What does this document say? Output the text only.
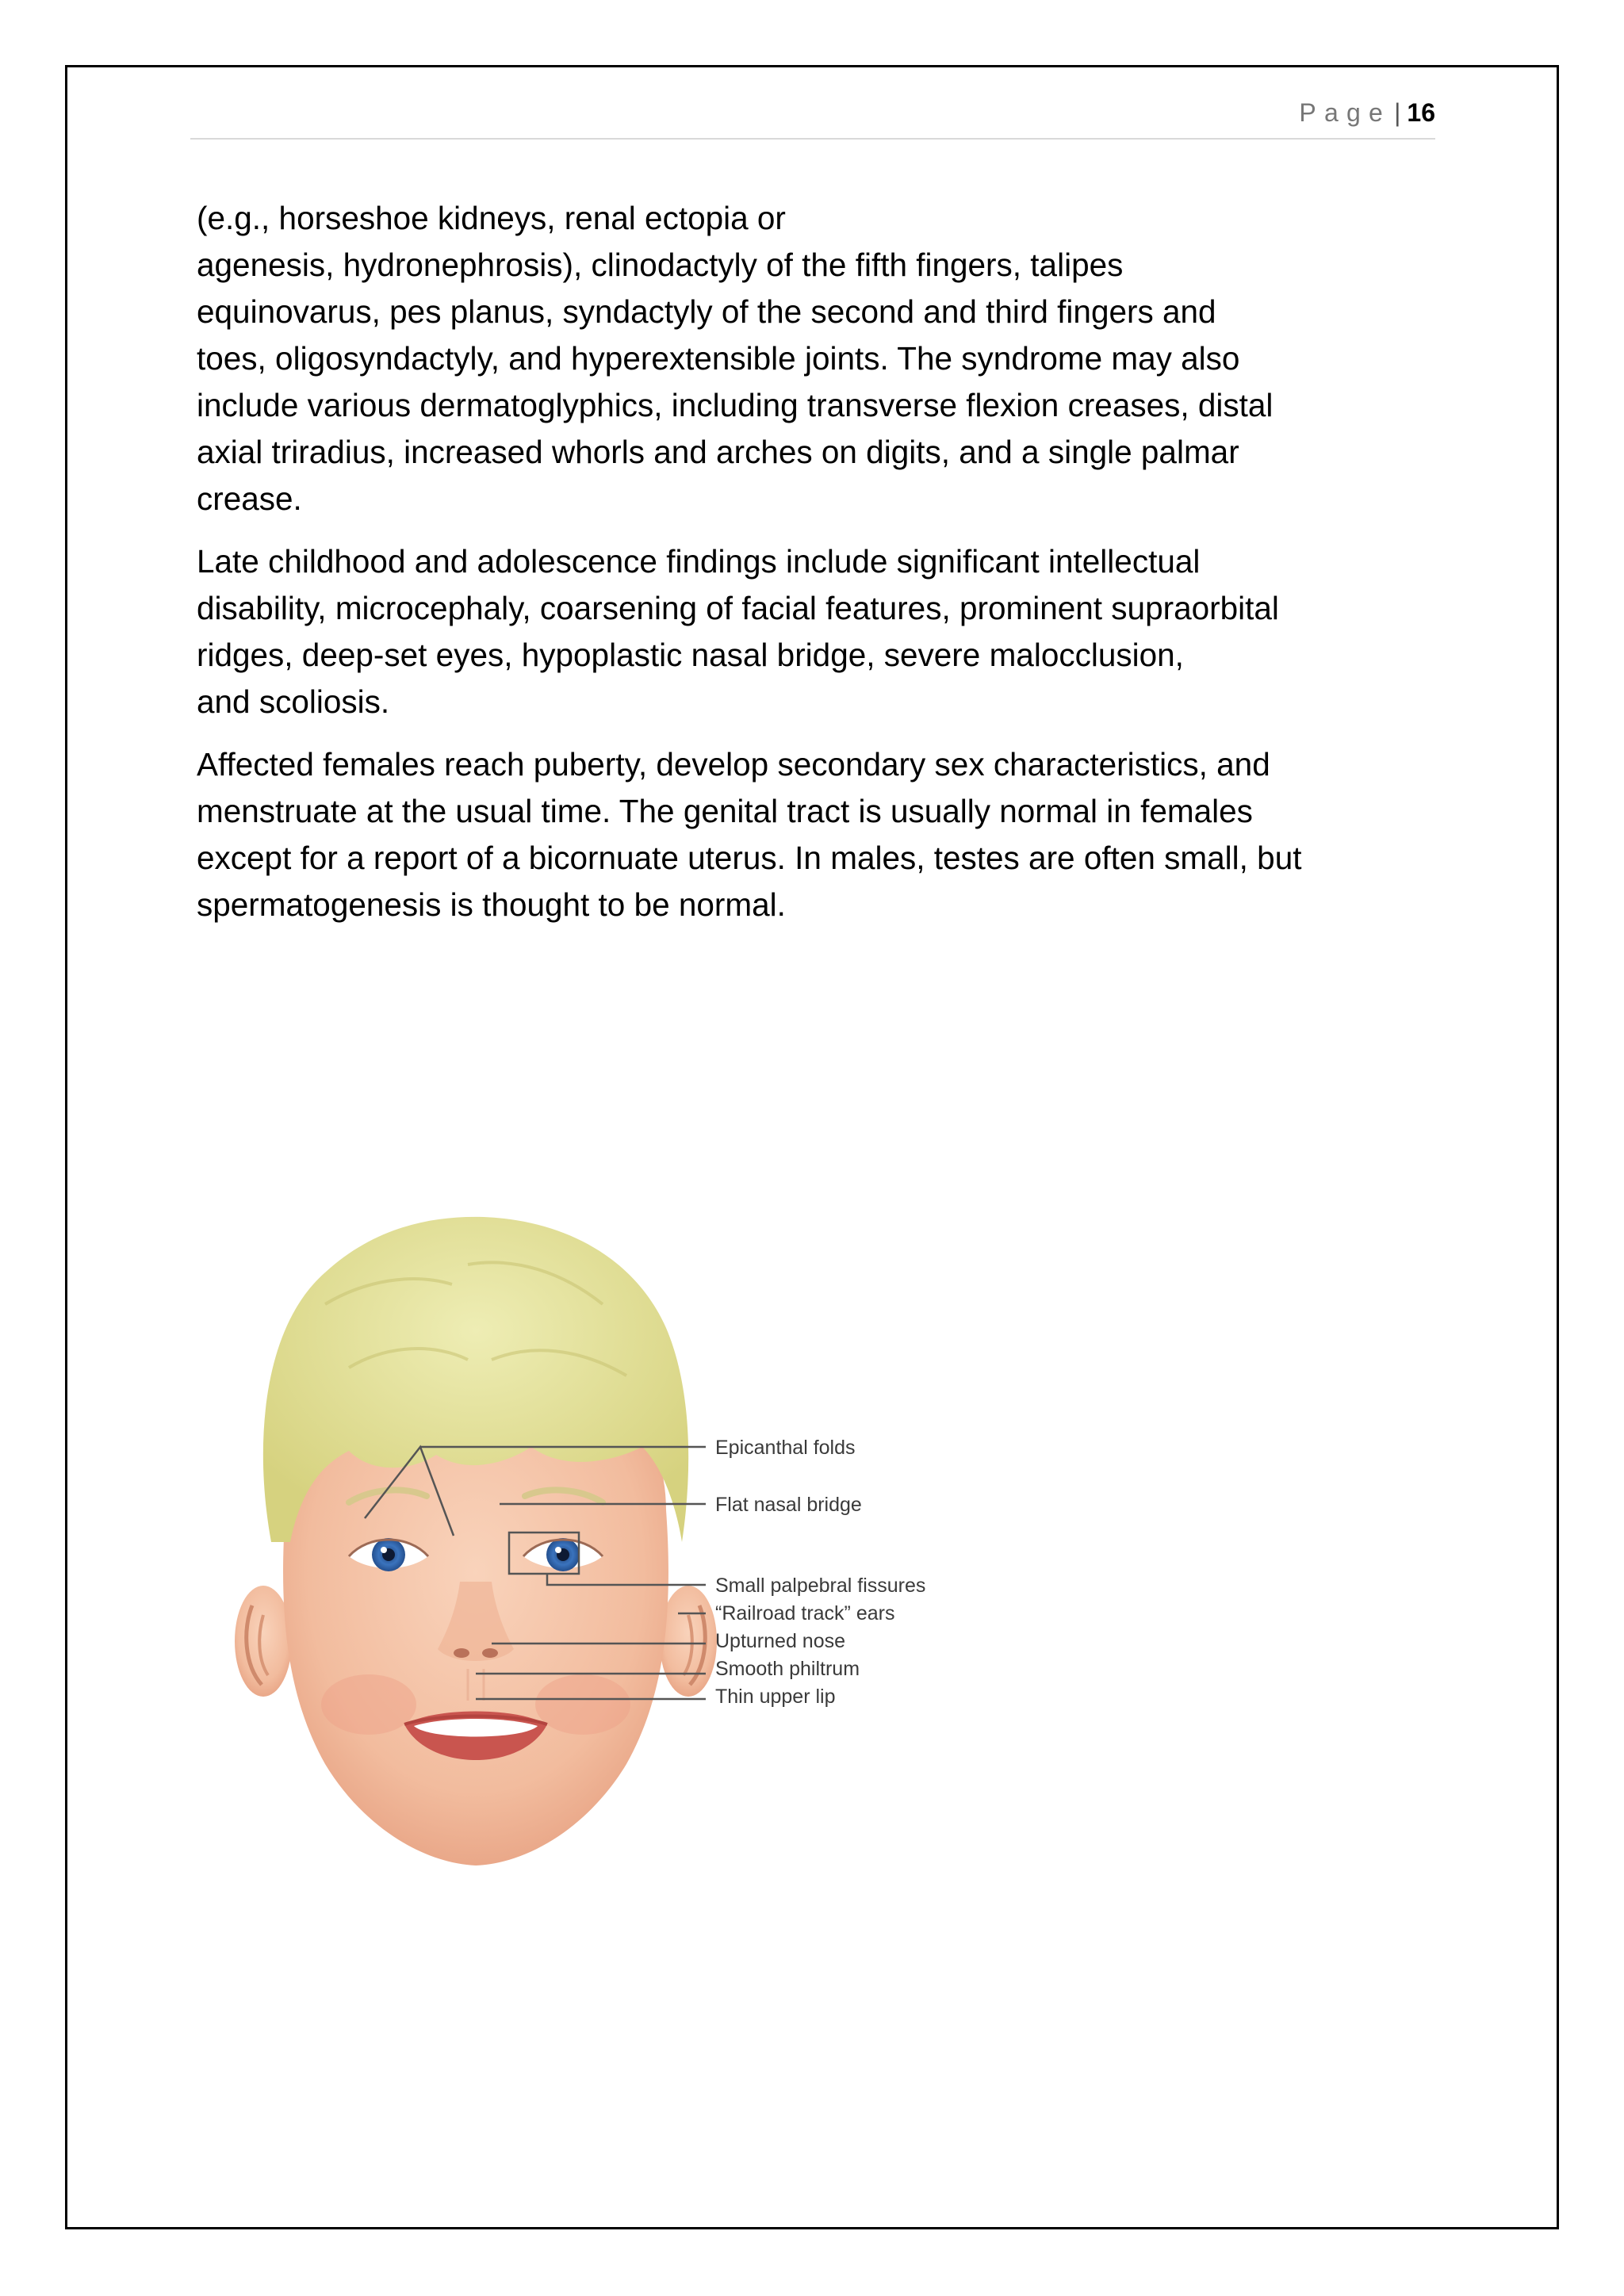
Page | 16

(e.g., horseshoe kidneys, renal ectopia or
agenesis, hydronephrosis), clinodactyly of the fifth fingers, talipes
equinovarus, pes planus, syndactyly of the second and third fingers and
toes, oligosyndactyly, and hyperextensible joints. The syndrome may also
include various dermatoglyphics, including transverse flexion creases, distal
axial triradius, increased whorls and arches on digits, and a single palmar
crease.

Late childhood and adolescence findings include significant intellectual
disability, microcephaly, coarsening of facial features, prominent supraorbital
ridges, deep-set eyes, hypoplastic nasal bridge, severe malocclusion,
and scoliosis.

Affected females reach puberty, develop secondary sex characteristics, and
menstruate at the usual time. The genital tract is usually normal in females
except for a report of a bicornuate uterus. In males, testes are often small, but
spermatogenesis is thought to be normal.

Epicanthal folds
Flat nasal bridge
Small palpebral fissures
“Railroad track” ears
Upturned nose
Smooth philtrum
Thin upper lip
